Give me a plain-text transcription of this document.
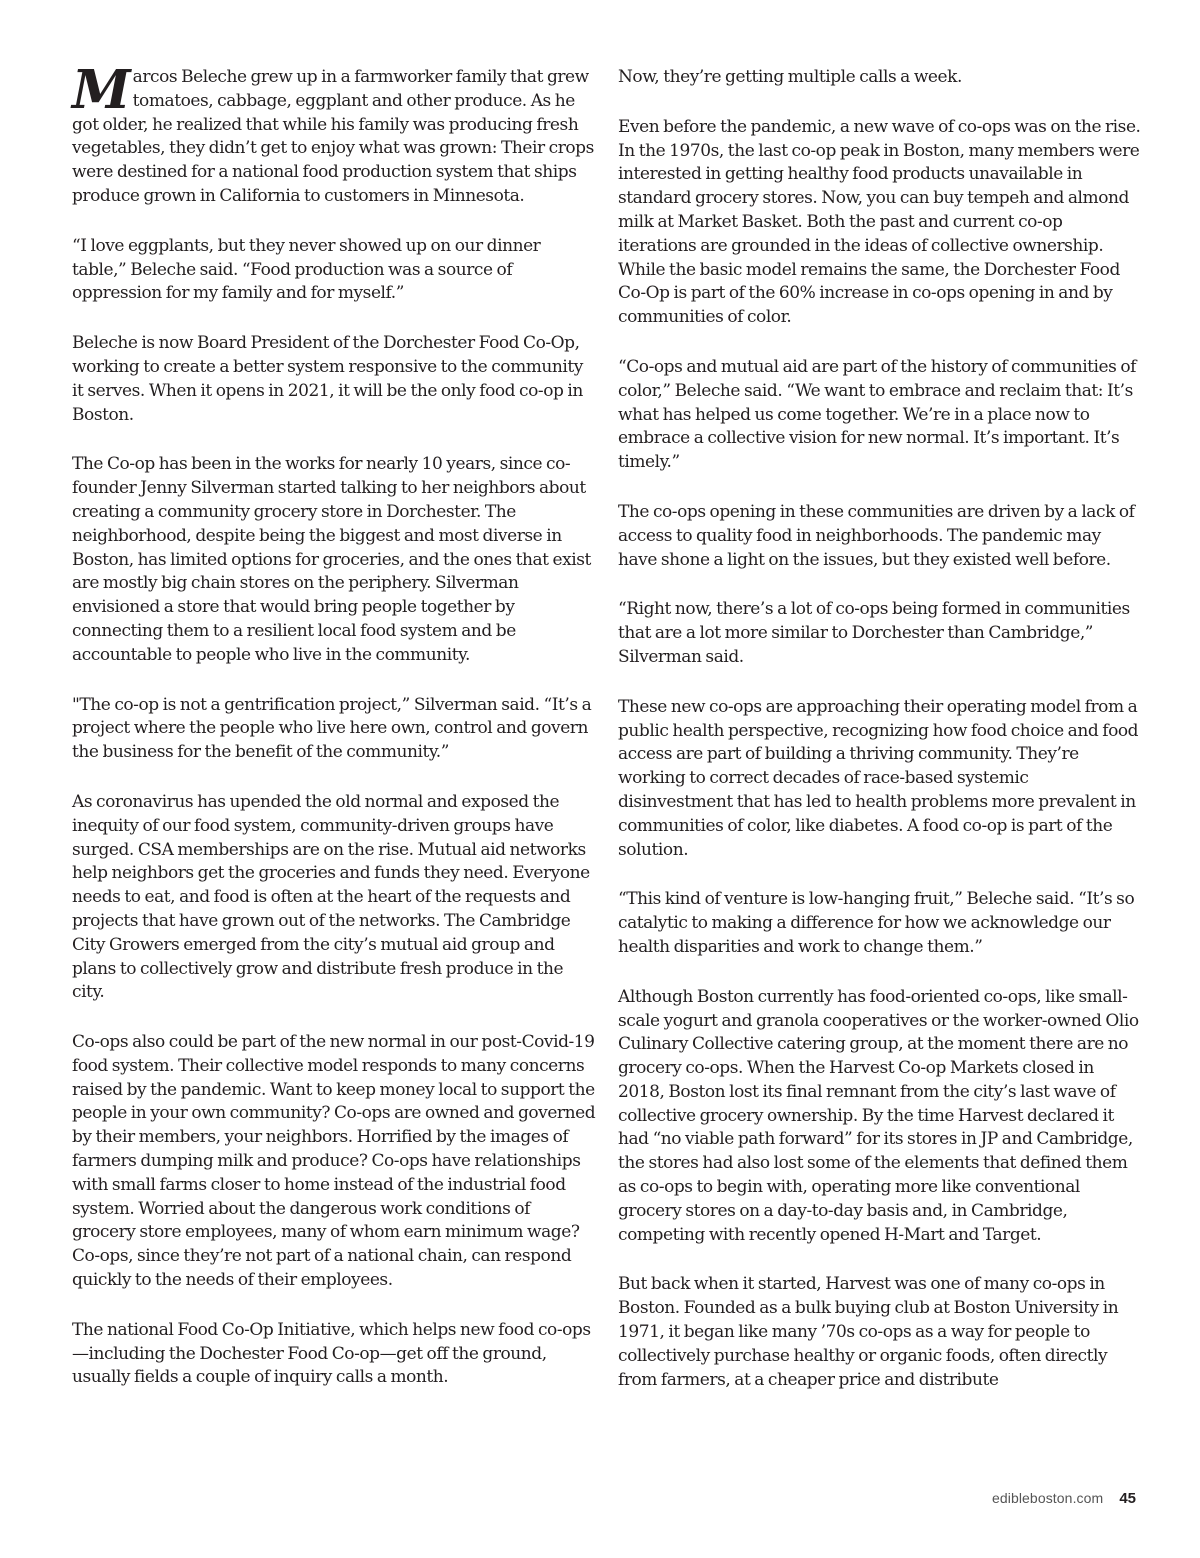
Marcos Beleche grew up in a farmworker family that grew tomatoes, cabbage, eggplant and other produce. As he got older, he realized that while his family was producing fresh vegetables, they didn’t get to enjoy what was grown: Their crops were destined for a national food production system that ships produce grown in California to customers in Minnesota.

“I love eggplants, but they never showed up on our dinner table,” Beleche said. “Food production was a source of oppression for my family and for myself.”

Beleche is now Board President of the Dorchester Food Co-Op, working to create a better system responsive to the community it serves. When it opens in 2021, it will be the only food co-op in Boston.

The Co-op has been in the works for nearly 10 years, since co-founder Jenny Silverman started talking to her neighbors about creating a community grocery store in Dorchester. The neighborhood, despite being the biggest and most diverse in Boston, has limited options for groceries, and the ones that exist are mostly big chain stores on the periphery. Silverman envisioned a store that would bring people together by connecting them to a resilient local food system and be accountable to people who live in the community.

"The co-op is not a gentrification project,” Silverman said. “It’s a project where the people who live here own, control and govern the business for the benefit of the community.”

As coronavirus has upended the old normal and exposed the inequity of our food system, community-driven groups have surged. CSA memberships are on the rise. Mutual aid networks help neighbors get the groceries and funds they need. Everyone needs to eat, and food is often at the heart of the requests and projects that have grown out of the networks. The Cambridge City Growers emerged from the city’s mutual aid group and plans to collectively grow and distribute fresh produce in the city.

Co-ops also could be part of the new normal in our post-Covid-19 food system. Their collective model responds to many concerns raised by the pandemic. Want to keep money local to support the people in your own community? Co-ops are owned and governed by their members, your neighbors. Horrified by the images of farmers dumping milk and produce? Co-ops have relationships with small farms closer to home instead of the industrial food system. Worried about the dangerous work conditions of grocery store employees, many of whom earn minimum wage? Co-ops, since they’re not part of a national chain, can respond quickly to the needs of their employees.

The national Food Co-Op Initiative, which helps new food co-ops—including the Dochester Food Co-op—get off the ground, usually fields a couple of inquiry calls a month.

Now, they’re getting multiple calls a week.

Even before the pandemic, a new wave of co-ops was on the rise. In the 1970s, the last co-op peak in Boston, many members were interested in getting healthy food products unavailable in standard grocery stores. Now, you can buy tempeh and almond milk at Market Basket. Both the past and current co-op iterations are grounded in the ideas of collective ownership. While the basic model remains the same, the Dorchester Food Co-Op is part of the 60% increase in co-ops opening in and by communities of color.

“Co-ops and mutual aid are part of the history of communities of color,” Beleche said. “We want to embrace and reclaim that: It’s what has helped us come together. We’re in a place now to embrace a collective vision for new normal. It’s important. It’s timely.”

The co-ops opening in these communities are driven by a lack of access to quality food in neighborhoods. The pandemic may have shone a light on the issues, but they existed well before.

“Right now, there’s a lot of co-ops being formed in communities that are a lot more similar to Dorchester than Cambridge,” Silverman said.

These new co-ops are approaching their operating model from a public health perspective, recognizing how food choice and food access are part of building a thriving community. They’re working to correct decades of race-based systemic disinvestment that has led to health problems more prevalent in communities of color, like diabetes. A food co-op is part of the solution.

“This kind of venture is low-hanging fruit,” Beleche said. “It’s so catalytic to making a difference for how we acknowledge our health disparities and work to change them.”

Although Boston currently has food-oriented co-ops, like small-scale yogurt and granola cooperatives or the worker-owned Olio Culinary Collective catering group, at the moment there are no grocery co-ops. When the Harvest Co-op Markets closed in 2018, Boston lost its final remnant from the city’s last wave of collective grocery ownership. By the time Harvest declared it had “no viable path forward” for its stores in JP and Cambridge, the stores had also lost some of the elements that defined them as co-ops to begin with, operating more like conventional grocery stores on a day-to-day basis and, in Cambridge, competing with recently opened H-Mart and Target.

But back when it started, Harvest was one of many co-ops in Boston. Founded as a bulk buying club at Boston University in 1971, it began like many ’70s co-ops as a way for people to collectively purchase healthy or organic foods, often directly from farmers, at a cheaper price and distribute

edibleboston.com 45
